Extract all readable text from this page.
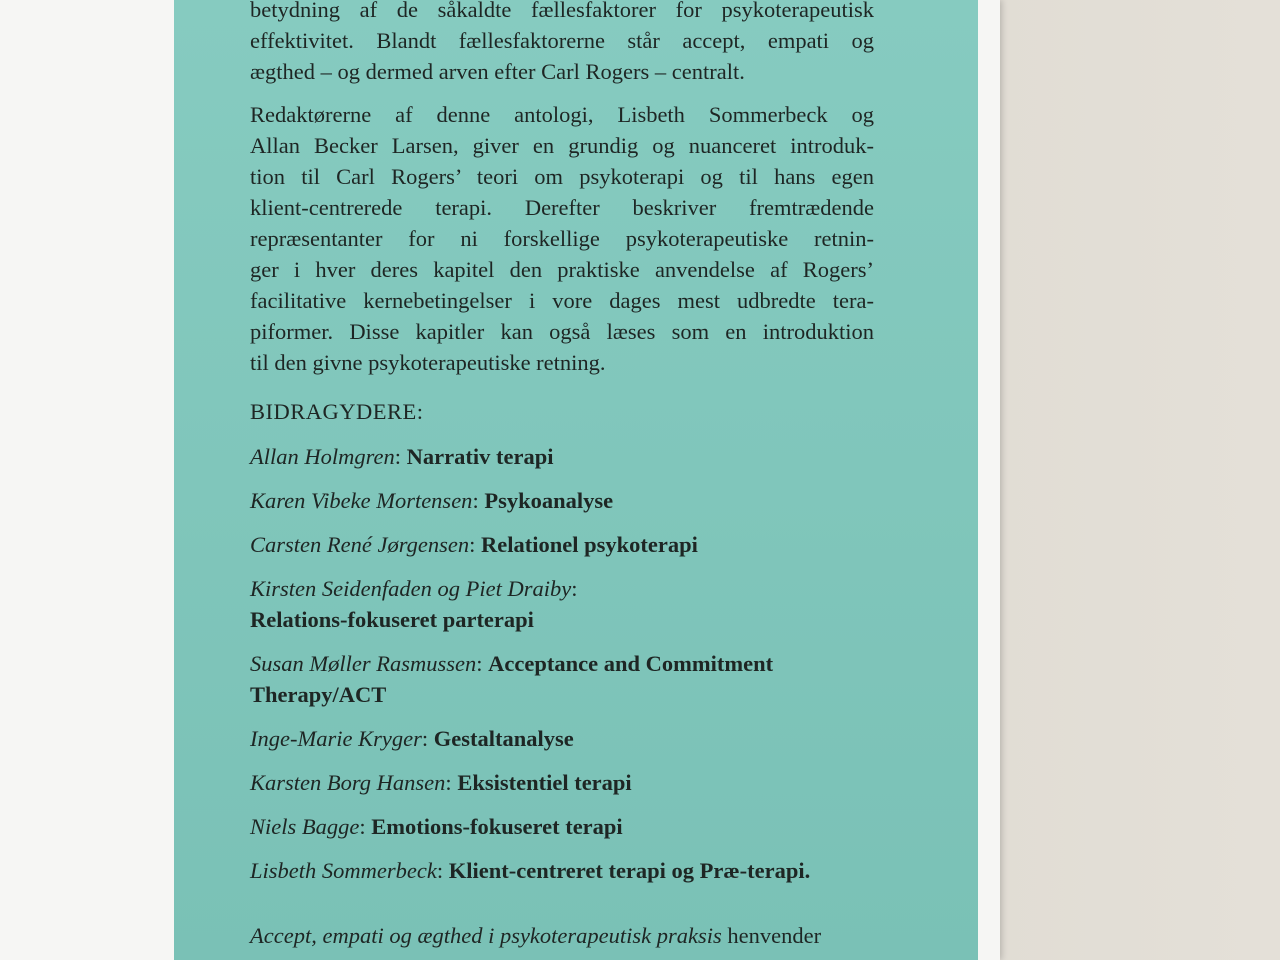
betydning af de såkaldte fællesfaktorer for psykoterapeutisk
effektivitet. Blandt fællesfaktorerne står accept, empati og
ægthed – og dermed arven efter Carl Rogers – centralt.

Redaktørerne af denne antologi, Lisbeth Sommerbeck og
Allan Becker Larsen, giver en grundig og nuanceret introduk-
tion til Carl Rogers’ teori om psykoterapi og til hans egen
klient-centrerede terapi. Derefter beskriver fremtrædende
repræsentanter for ni forskellige psykoterapeutiske retnin-
ger i hver deres kapitel den praktiske anvendelse af Rogers’
facilitative kernebetingelser i vore dages mest udbredte tera-
piformer. Disse kapitler kan også læses som en introduktion
til den givne psykoterapeutiske retning.

BIDRAGYDERE:
Allan Holmgren: Narrativ terapi
Karen Vibeke Mortensen: Psykoanalyse
Carsten René Jørgensen: Relationel psykoterapi
Kirsten Seidenfaden og Piet Draiby:
Relations-fokuseret parterapi
Susan Møller Rasmussen: Acceptance and Commitment Therapy/ACT
Inge-Marie Kryger: Gestaltanalyse
Karsten Borg Hansen: Eksistentiel terapi
Niels Bagge: Emotions-fokuseret terapi
Lisbeth Sommerbeck: Klient-centreret terapi og Præ-terapi.
Accept, empati og ægthed i psykoterapeutisk praksis henvender
